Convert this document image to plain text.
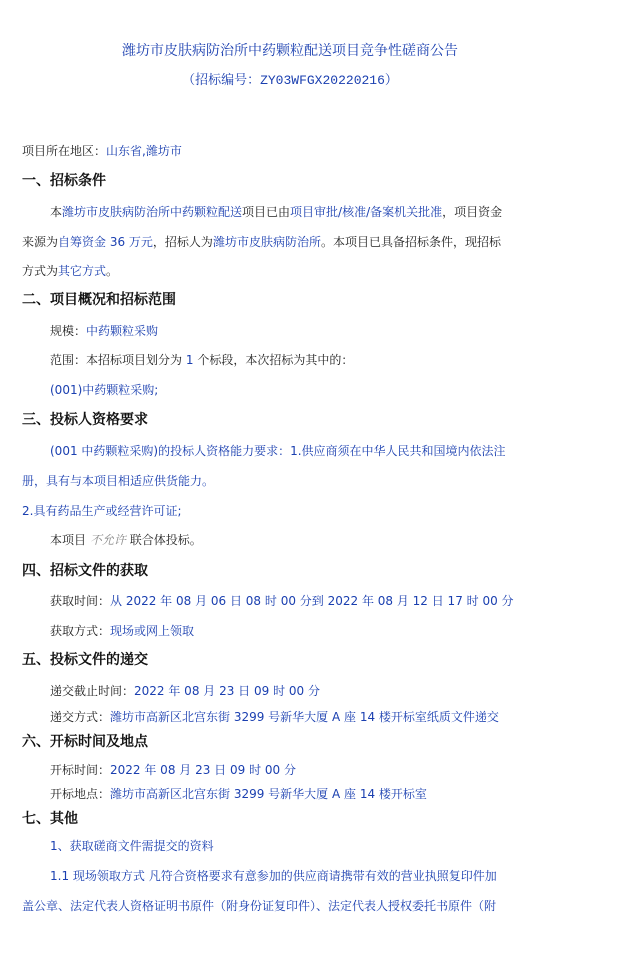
潍坊市皮肤病防治所中药颗粒配送项目竞争性磋商公告
（招标编号：ZY03WFGX20220216）
项目所在地区：山东省,潍坊市
一、招标条件
本潍坊市皮肤病防治所中药颗粒配送项目已由项目审批/核准/备案机关批准，项目资金
来源为自筹资金 36 万元，招标人为潍坊市皮肤病防治所。本项目已具备招标条件，现招标
方式为其它方式。
二、项目概况和招标范围
规模：中药颗粒采购
范围：本招标项目划分为 1 个标段，本次招标为其中的：
(001)中药颗粒采购;
三、投标人资格要求
(001 中药颗粒采购)的投标人资格能力要求：1.供应商须在中华人民共和国境内依法注
册，具有与本项目相适应供货能力。
2.具有药品生产或经营许可证;
本项目 不允许 联合体投标。
四、招标文件的获取
获取时间：从 2022 年 08 月 06 日 08 时 00 分到 2022 年 08 月 12 日 17 时 00 分
获取方式：现场或网上领取
五、投标文件的递交
递交截止时间：2022 年 08 月 23 日 09 时 00 分
递交方式：潍坊市高新区北宫东街 3299 号新华大厦 A 座 14 楼开标室纸质文件递交
六、开标时间及地点
开标时间：2022 年 08 月 23 日 09 时 00 分
开标地点：潍坊市高新区北宫东街 3299 号新华大厦 A 座 14 楼开标室
七、其他
1、获取磋商文件需提交的资料
1.1 现场领取方式 凡符合资格要求有意参加的供应商请携带有效的营业执照复印件加
盖公章、法定代表人资格证明书原件（附身份证复印件）、法定代表人授权委托书原件（附
